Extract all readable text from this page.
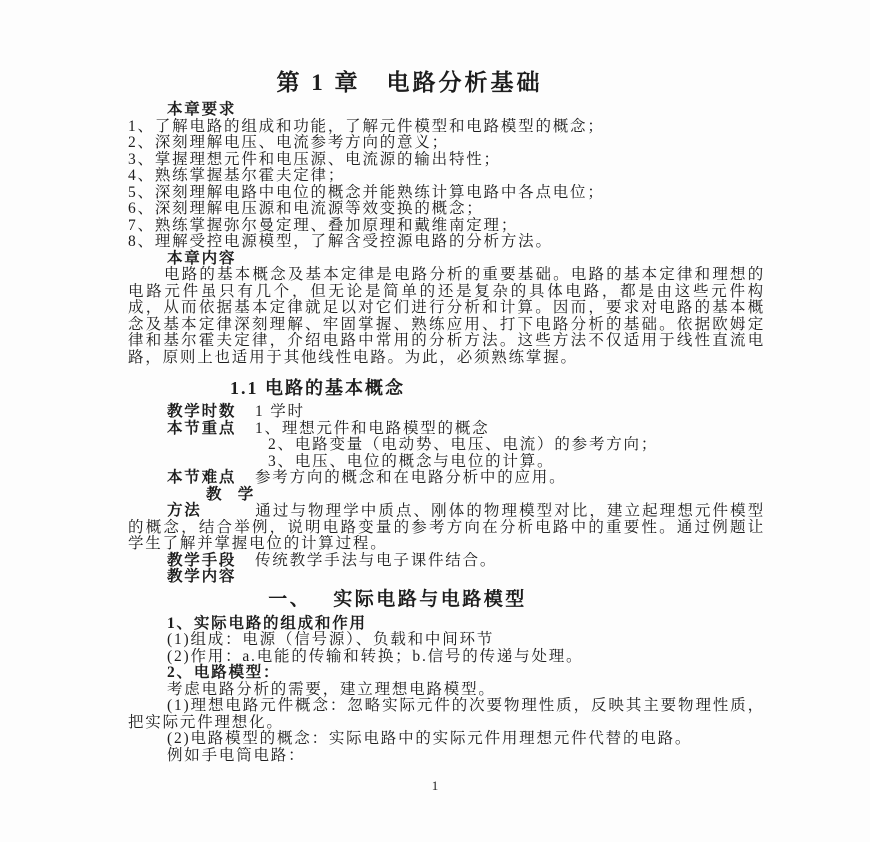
第 1 章　电路分析基础
本章要求
1、了解电路的组成和功能，了解元件模型和电路模型的概念；
2、深刻理解电压、电流参考方向的意义；
3、掌握理想元件和电压源、电流源的输出特性；
4、熟练掌握基尔霍夫定律；
5、深刻理解电路中电位的概念并能熟练计算电路中各点电位；
6、深刻理解电压源和电流源等效变换的概念；
7、熟练掌握弥尔曼定理、叠加原理和戴维南定理；
8、理解受控电源模型，了解含受控源电路的分析方法。
本章内容

电路的基本概念及基本定律是电路分析的重要基础。电路的基本定律和理想的电路元件虽只有几个，但无论是简单的还是复杂的具体电路，都是由这些元件构成，从而依据基本定律就足以对它们进行分析和计算。因而，要求对电路的基本概念及基本定律深刻理解、牢固掌握、熟练应用、打下电路分析的基础。依据欧姆定律和基尔霍夫定律，介绍电路中常用的分析方法。这些方法不仅适用于线性直流电路，原则上也适用于其他线性电路。为此，必须熟练掌握。

1.1 电路的基本概念
教学时数 1 学时
本节重点 1、理想元件和电路模型的概念
2、电路变量（电动势、电压、电流）的参考方向；
3、电压、电位的概念与电位的计算。
本节难点 参考方向的概念和在电路分析中的应用。

教学方法	通过与物理学中质点、刚体的物理模型对比，建立起理想元件模型的概念，结合举例，说明电路变量的参考方向在分析电路中的重要性。通过例题让学生了解并掌握电位的计算过程。

教学手段 传统教学手法与电子课件结合。
教学内容
一、 实际电路与电路模型
1、实际电路的组成和作用

(1)组成：电源（信号源）、负载和中间环节

(2)作用：a.电能的传输和转换；b.信号的传递与处理。

2、电路模型：

考虑电路分析的需要，建立理想电路模型。

(1)理想电路元件概念：忽略实际元件的次要物理性质，反映其主要物理性质，把实际元件理想化。

(2)电路模型的概念：实际电路中的实际元件用理想元件代替的电路。

例如手电筒电路：

1
